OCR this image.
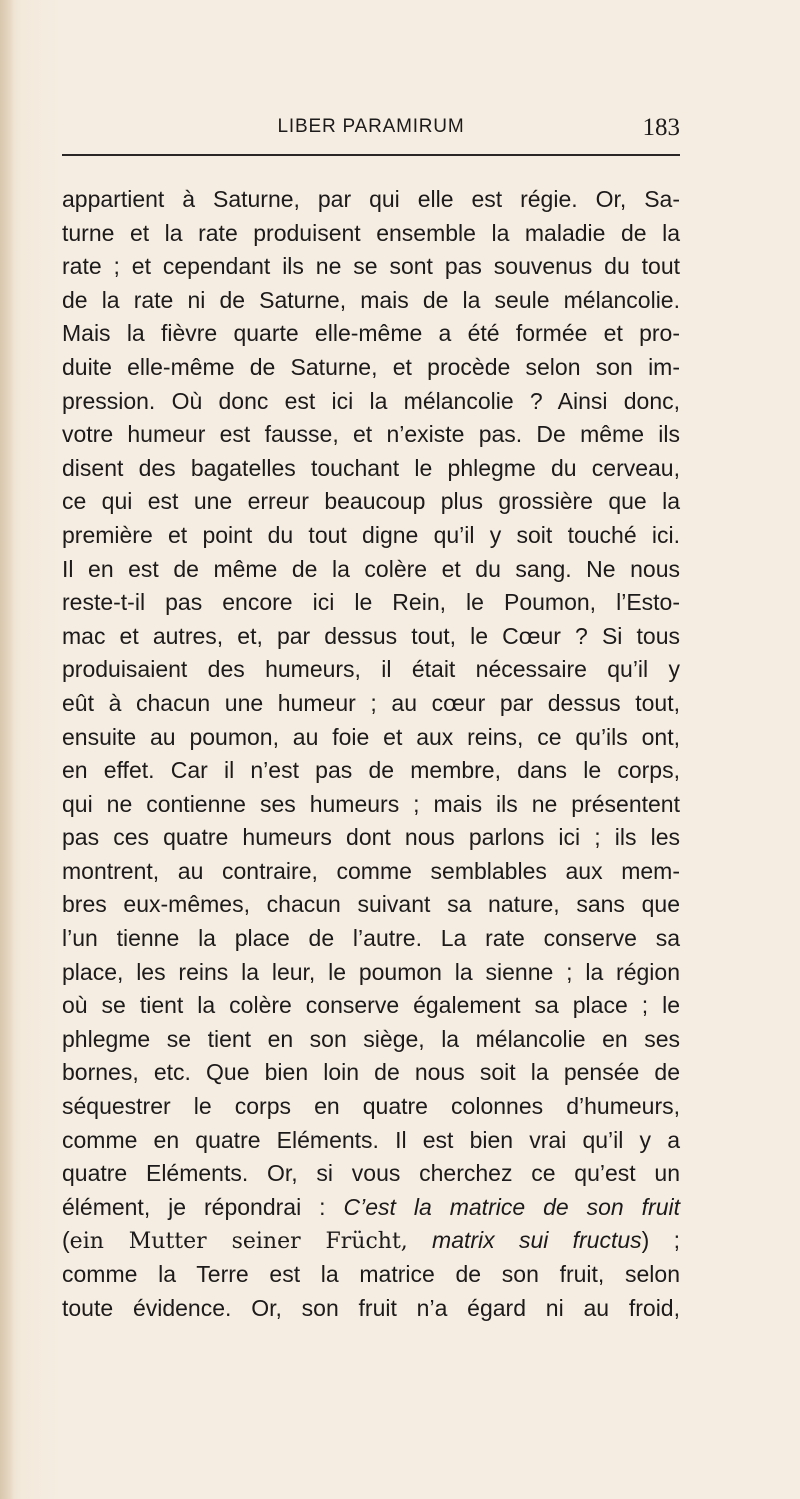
LIBER PARAMIRUM	183
appartient à Saturne, par qui elle est régie. Or, Sa-
turne et la rate produisent ensemble la maladie de la
rate ; et cependant ils ne se sont pas souvenus du tout
de la rate ni de Saturne, mais de la seule mélancolie.
Mais la fièvre quarte elle-même a été formée et pro-
duite elle-même de Saturne, et procède selon son im-
pression. Où donc est ici la mélancolie ? Ainsi donc,
votre humeur est fausse, et n’existe pas. De même ils
disent des bagatelles touchant le phlegme du cerveau,
ce qui est une erreur beaucoup plus grossière que la
première et point du tout digne qu’il y soit touché ici.
Il en est de même de la colère et du sang. Ne nous
reste-t-il pas encore ici le Rein, le Poumon, l’Esto-
mac et autres, et, par dessus tout, le Cœur ? Si tous
produisaient des humeurs, il était nécessaire qu’il y
eût à chacun une humeur ; au cœur par dessus tout,
ensuite au poumon, au foie et aux reins, ce qu’ils ont,
en effet. Car il n’est pas de membre, dans le corps,
qui ne contienne ses humeurs ; mais ils ne présentent
pas ces quatre humeurs dont nous parlons ici ; ils les
montrent, au contraire, comme semblables aux mem-
bres eux-mêmes, chacun suivant sa nature, sans que
l’un tienne la place de l’autre. La rate conserve sa
place, les reins la leur, le poumon la sienne ; la région
où se tient la colère conserve également sa place ; le
phlegme se tient en son siège, la mélancolie en ses
bornes, etc. Que bien loin de nous soit la pensée de
séquestrer le corps en quatre colonnes d’humeurs,
comme en quatre Eléments. Il est bien vrai qu’il y a
quatre Eléments. Or, si vous cherchez ce qu’est un
élément, je répondrai : C’est la matrice de son fruit
(ein Mutter seiner Frücht, matrix sui fructus) ;
comme la Terre est la matrice de son fruit, selon
toute évidence. Or, son fruit n’a égard ni au froid,
